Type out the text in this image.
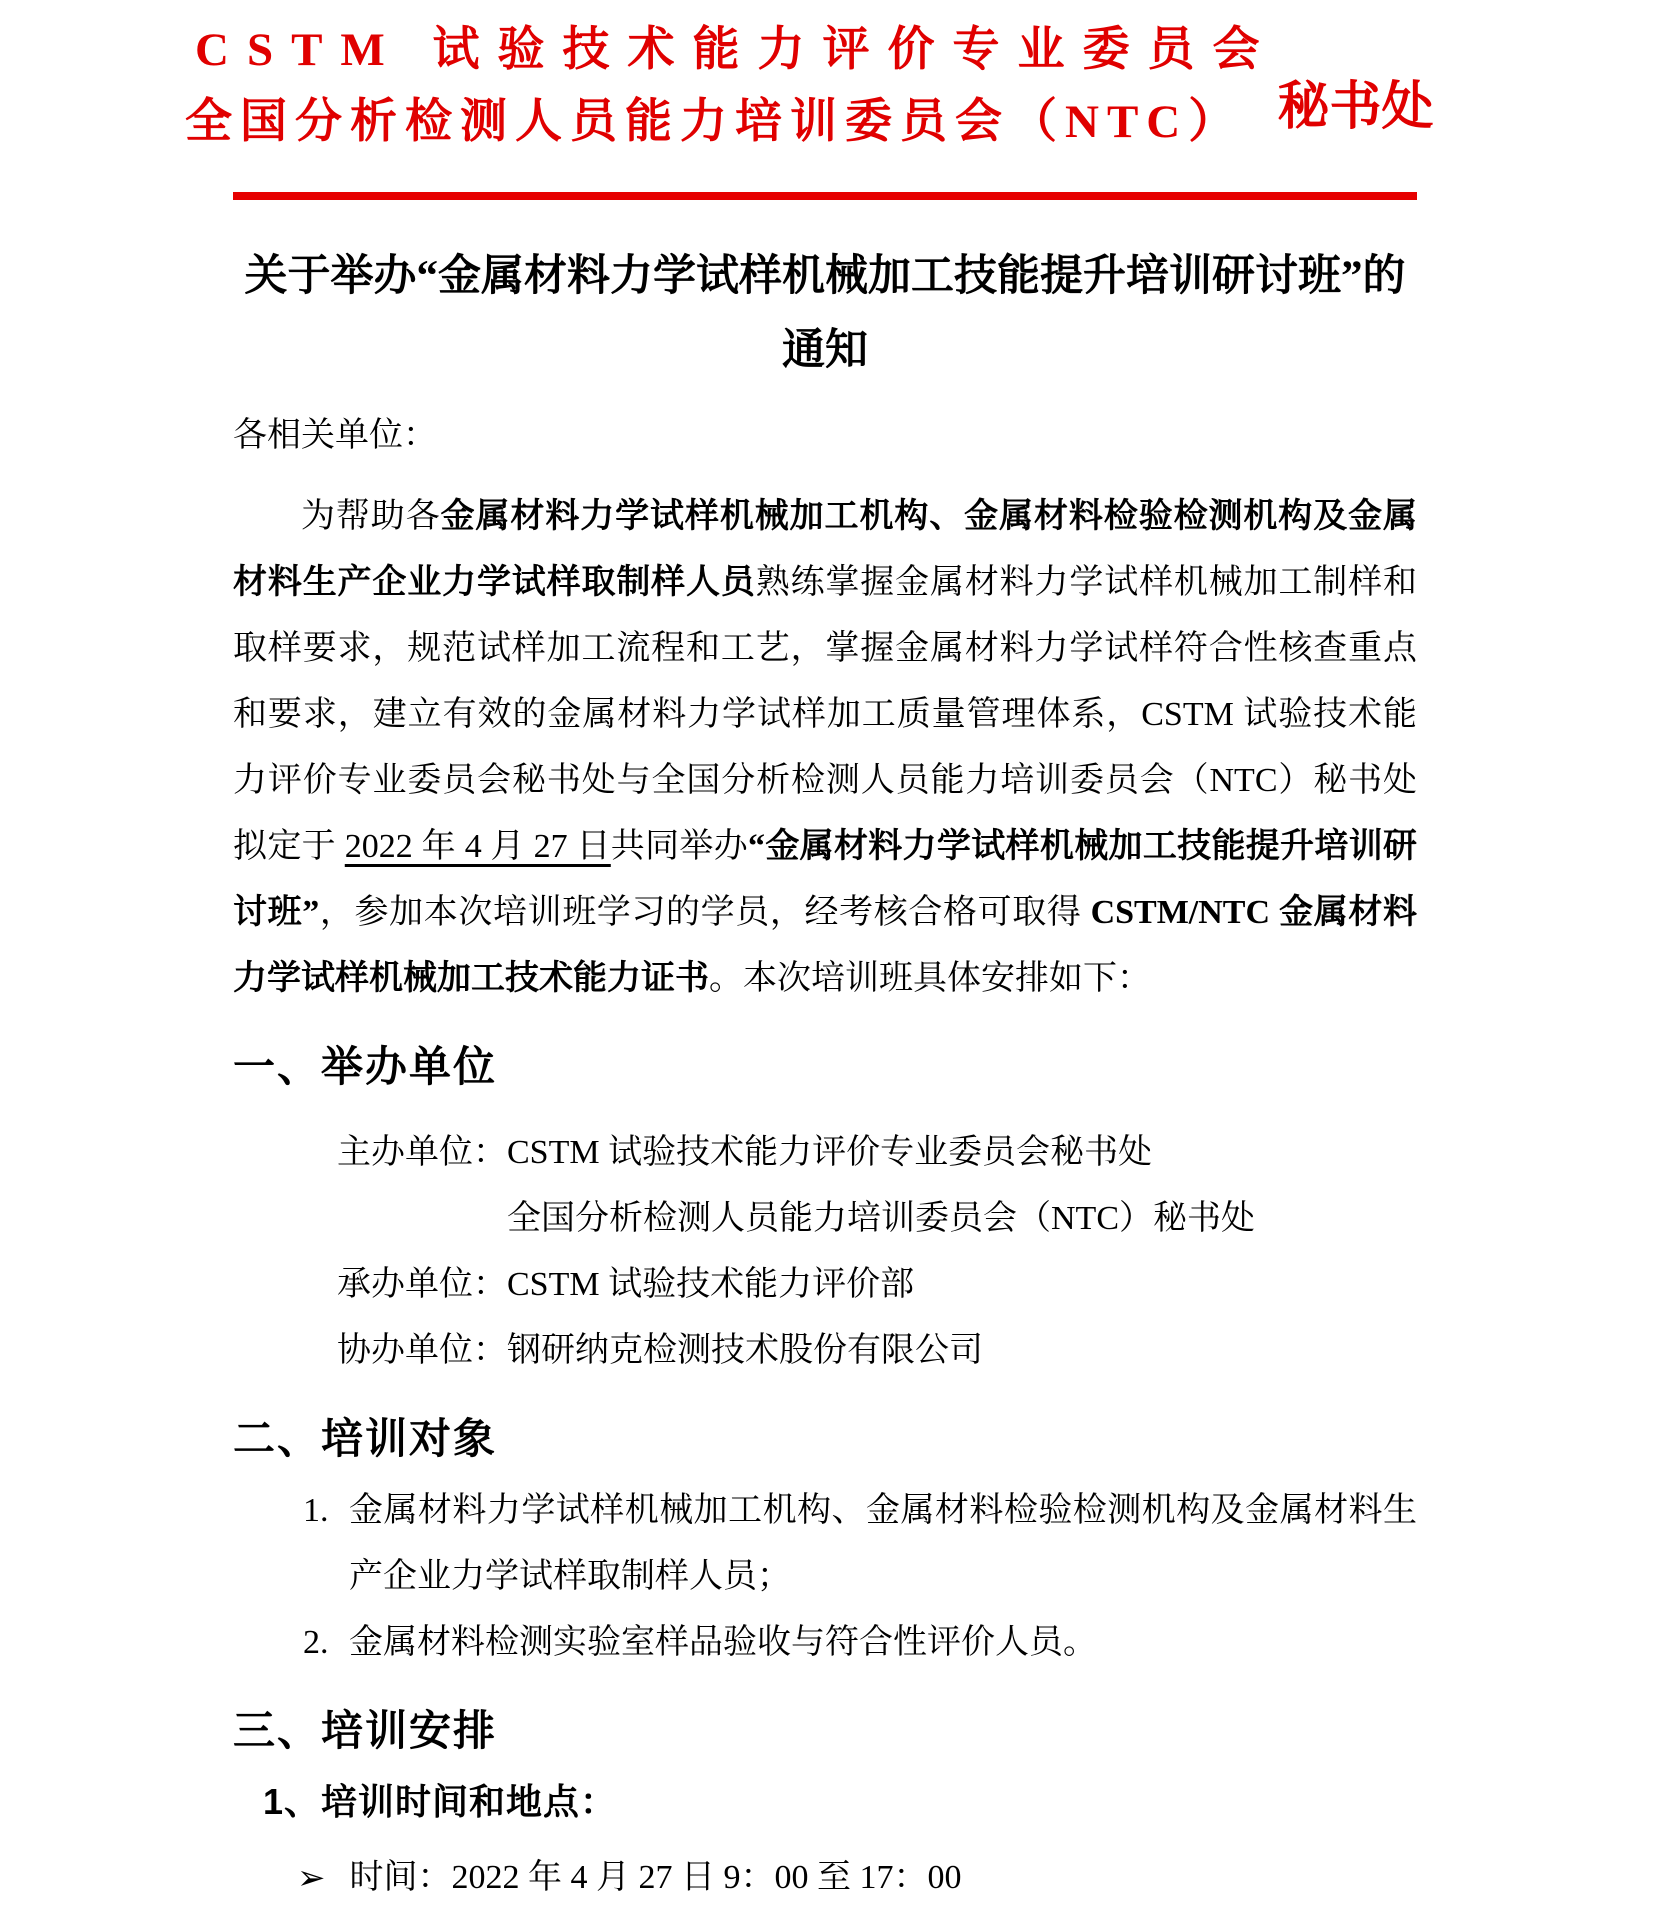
CSTM 试验技术能力评价专业委员会
全国分析检测人员能力培训委员会（NTC） 秘书处
关于举办“金属材料力学试样机械加工技能提升培训研讨班”的
通知

各相关单位：

为帮助各金属材料力学试样机械加工机构、金属材料检验检测机构及金属材料生产企业力学试样取制样人员熟练掌握金属材料力学试样机械加工制样和取样要求，规范试样加工流程和工艺，掌握金属材料力学试样符合性核查重点和要求，建立有效的金属材料力学试样加工质量管理体系，CSTM 试验技术能力评价专业委员会秘书处与全国分析检测人员能力培训委员会（NTC）秘书处拟定于 2022 年 4 月 27 日共同举办“金属材料力学试样机械加工技能提升培训研讨班”，参加本次培训班学习的学员，经考核合格可取得 CSTM/NTC 金属材料力学试样机械加工技术能力证书。本次培训班具体安排如下：

一、举办单位
主办单位： CSTM 试验技术能力评价专业委员会秘书处
全国分析检测人员能力培训委员会（NTC）秘书处
承办单位： CSTM 试验技术能力评价部
协办单位： 钢研纳克检测技术股份有限公司
二、培训对象
1. 金属材料力学试样机械加工机构、金属材料检验检测机构及金属材料生产企业力学试样取制样人员；
2. 金属材料检测实验室样品验收与符合性评价人员。
三、培训安排
1、培训时间和地点：
➢ 时间：2022 年 4 月 27 日 9：00 至 17：00
